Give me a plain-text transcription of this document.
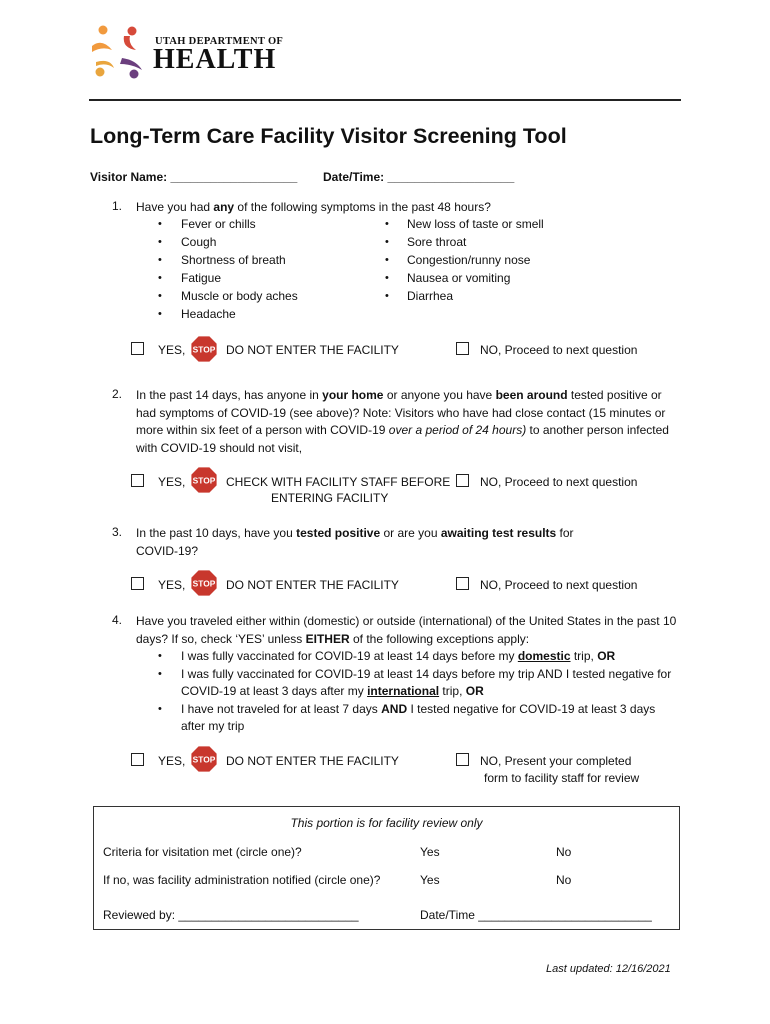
UTAH DEPARTMENT OF
HEALTH
Long-Term Care Facility Visitor Screening Tool
Visitor Name: ___________________ Date/Time: ___________________
1. Have you had any of the following symptoms in the past 48 hours?
• Fever or chills
• Cough
• Shortness of breath
• Fatigue
• Muscle or body aches
• Headache
• New loss of taste or smell
• Sore throat
• Congestion/runny nose
• Nausea or vomiting
• Diarrhea
YES, STOP DO NOT ENTER THE FACILITY	NO, Proceed to next question
2. In the past 14 days, has anyone in your home or anyone you have been around tested positive or had symptoms of COVID-19 (see above)? Note: Visitors who have had close contact (15 minutes or more within six feet of a person with COVID-19 over a period of 24 hours) to another person infected with COVID-19 should not visit,
YES, STOP CHECK WITH FACILITY STAFF BEFORE
ENTERING FACILITY
NO, Proceed to next question
3. In the past 10 days, have you tested positive or are you awaiting test results for COVID-19?
YES, STOP DO NOT ENTER THE FACILITY	NO, Proceed to next question
4. Have you traveled either within (domestic) or outside (international) of the United States in the past 10 days? If so, check ‘YES’ unless EITHER of the following exceptions apply:
• I was fully vaccinated for COVID-19 at least 14 days before my domestic trip, OR
• I was fully vaccinated for COVID-19 at least 14 days before my trip AND I tested negative for COVID-19 at least 3 days after my international trip, OR
• I have not traveled for at least 7 days AND I tested negative for COVID-19 at least 3 days after my trip
YES, STOP DO NOT ENTER THE FACILITY	NO, Present your completed
form to facility staff for review
This portion is for facility review only
Criteria for visitation met (circle one)?	Yes	No
If no, was facility administration notified (circle one)?	Yes	No
Reviewed by: ___________________________	Date/Time __________________________
Last updated: 12/16/2021
